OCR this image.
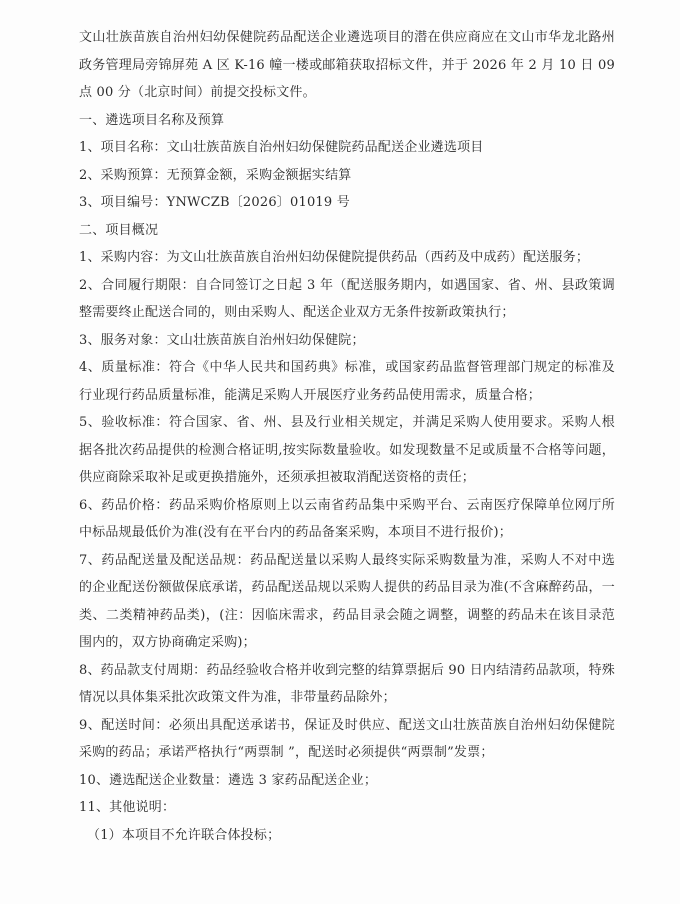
文山壮族苗族自治州妇幼保健院药品配送企业遴选项目的潜在供应商应在文山市华龙北路州政务管理局旁锦屏苑 A 区 K-16 幢一楼或邮箱获取招标文件，并于 2026 年 2 月 10 日 09 点 00 分（北京时间）前提交投标文件。

一、遴选项目名称及预算

1、项目名称：文山壮族苗族自治州妇幼保健院药品配送企业遴选项目

2、采购预算：无预算金额，采购金额据实结算

3、项目编号：YNWCZB〔2026〕01019 号

二、项目概况

1、采购内容：为文山壮族苗族自治州妇幼保健院提供药品（西药及中成药）配送服务；

2、合同履行期限：自合同签订之日起 3 年（配送服务期内，如遇国家、省、州、县政策调整需要终止配送合同的，则由采购人、配送企业双方无条件按新政策执行；

3、服务对象：文山壮族苗族自治州妇幼保健院；

4、质量标准：符合《中华人民共和国药典》标准，或国家药品监督管理部门规定的标准及行业现行药品质量标准，能满足采购人开展医疗业务药品使用需求，质量合格；

5、验收标准：符合国家、省、州、县及行业相关规定，并满足采购人使用要求。采购人根据各批次药品提供的检测合格证明,按实际数量验收。如发现数量不足或质量不合格等问题，供应商除采取补足或更换措施外，还须承担被取消配送资格的责任；

6、药品价格：药品采购价格原则上以云南省药品集中采购平台、云南医疗保障单位网厅所中标品规最低价为准(没有在平台内的药品备案采购，本项目不进行报价)；

7、药品配送量及配送品规：药品配送量以采购人最终实际采购数量为准，采购人不对中选的企业配送份额做保底承诺，药品配送品规以采购人提供的药品目录为准(不含麻醉药品，一类、二类精神药品类)，(注：因临床需求，药品目录会随之调整，调整的药品未在该目录范围内的，双方协商确定采购)；

8、药品款支付周期：药品经验收合格并收到完整的结算票据后 90 日内结清药品款项，特殊情况以具体集采批次政策文件为准，非带量药品除外；

9、配送时间：必须出具配送承诺书，保证及时供应、配送文山壮族苗族自治州妇幼保健院采购的药品；承诺严格执行“两票制 ”，配送时必须提供“两票制”发票；

10、遴选配送企业数量：遴选 3 家药品配送企业；

11、其他说明：

（1）本项目不允许联合体投标；
